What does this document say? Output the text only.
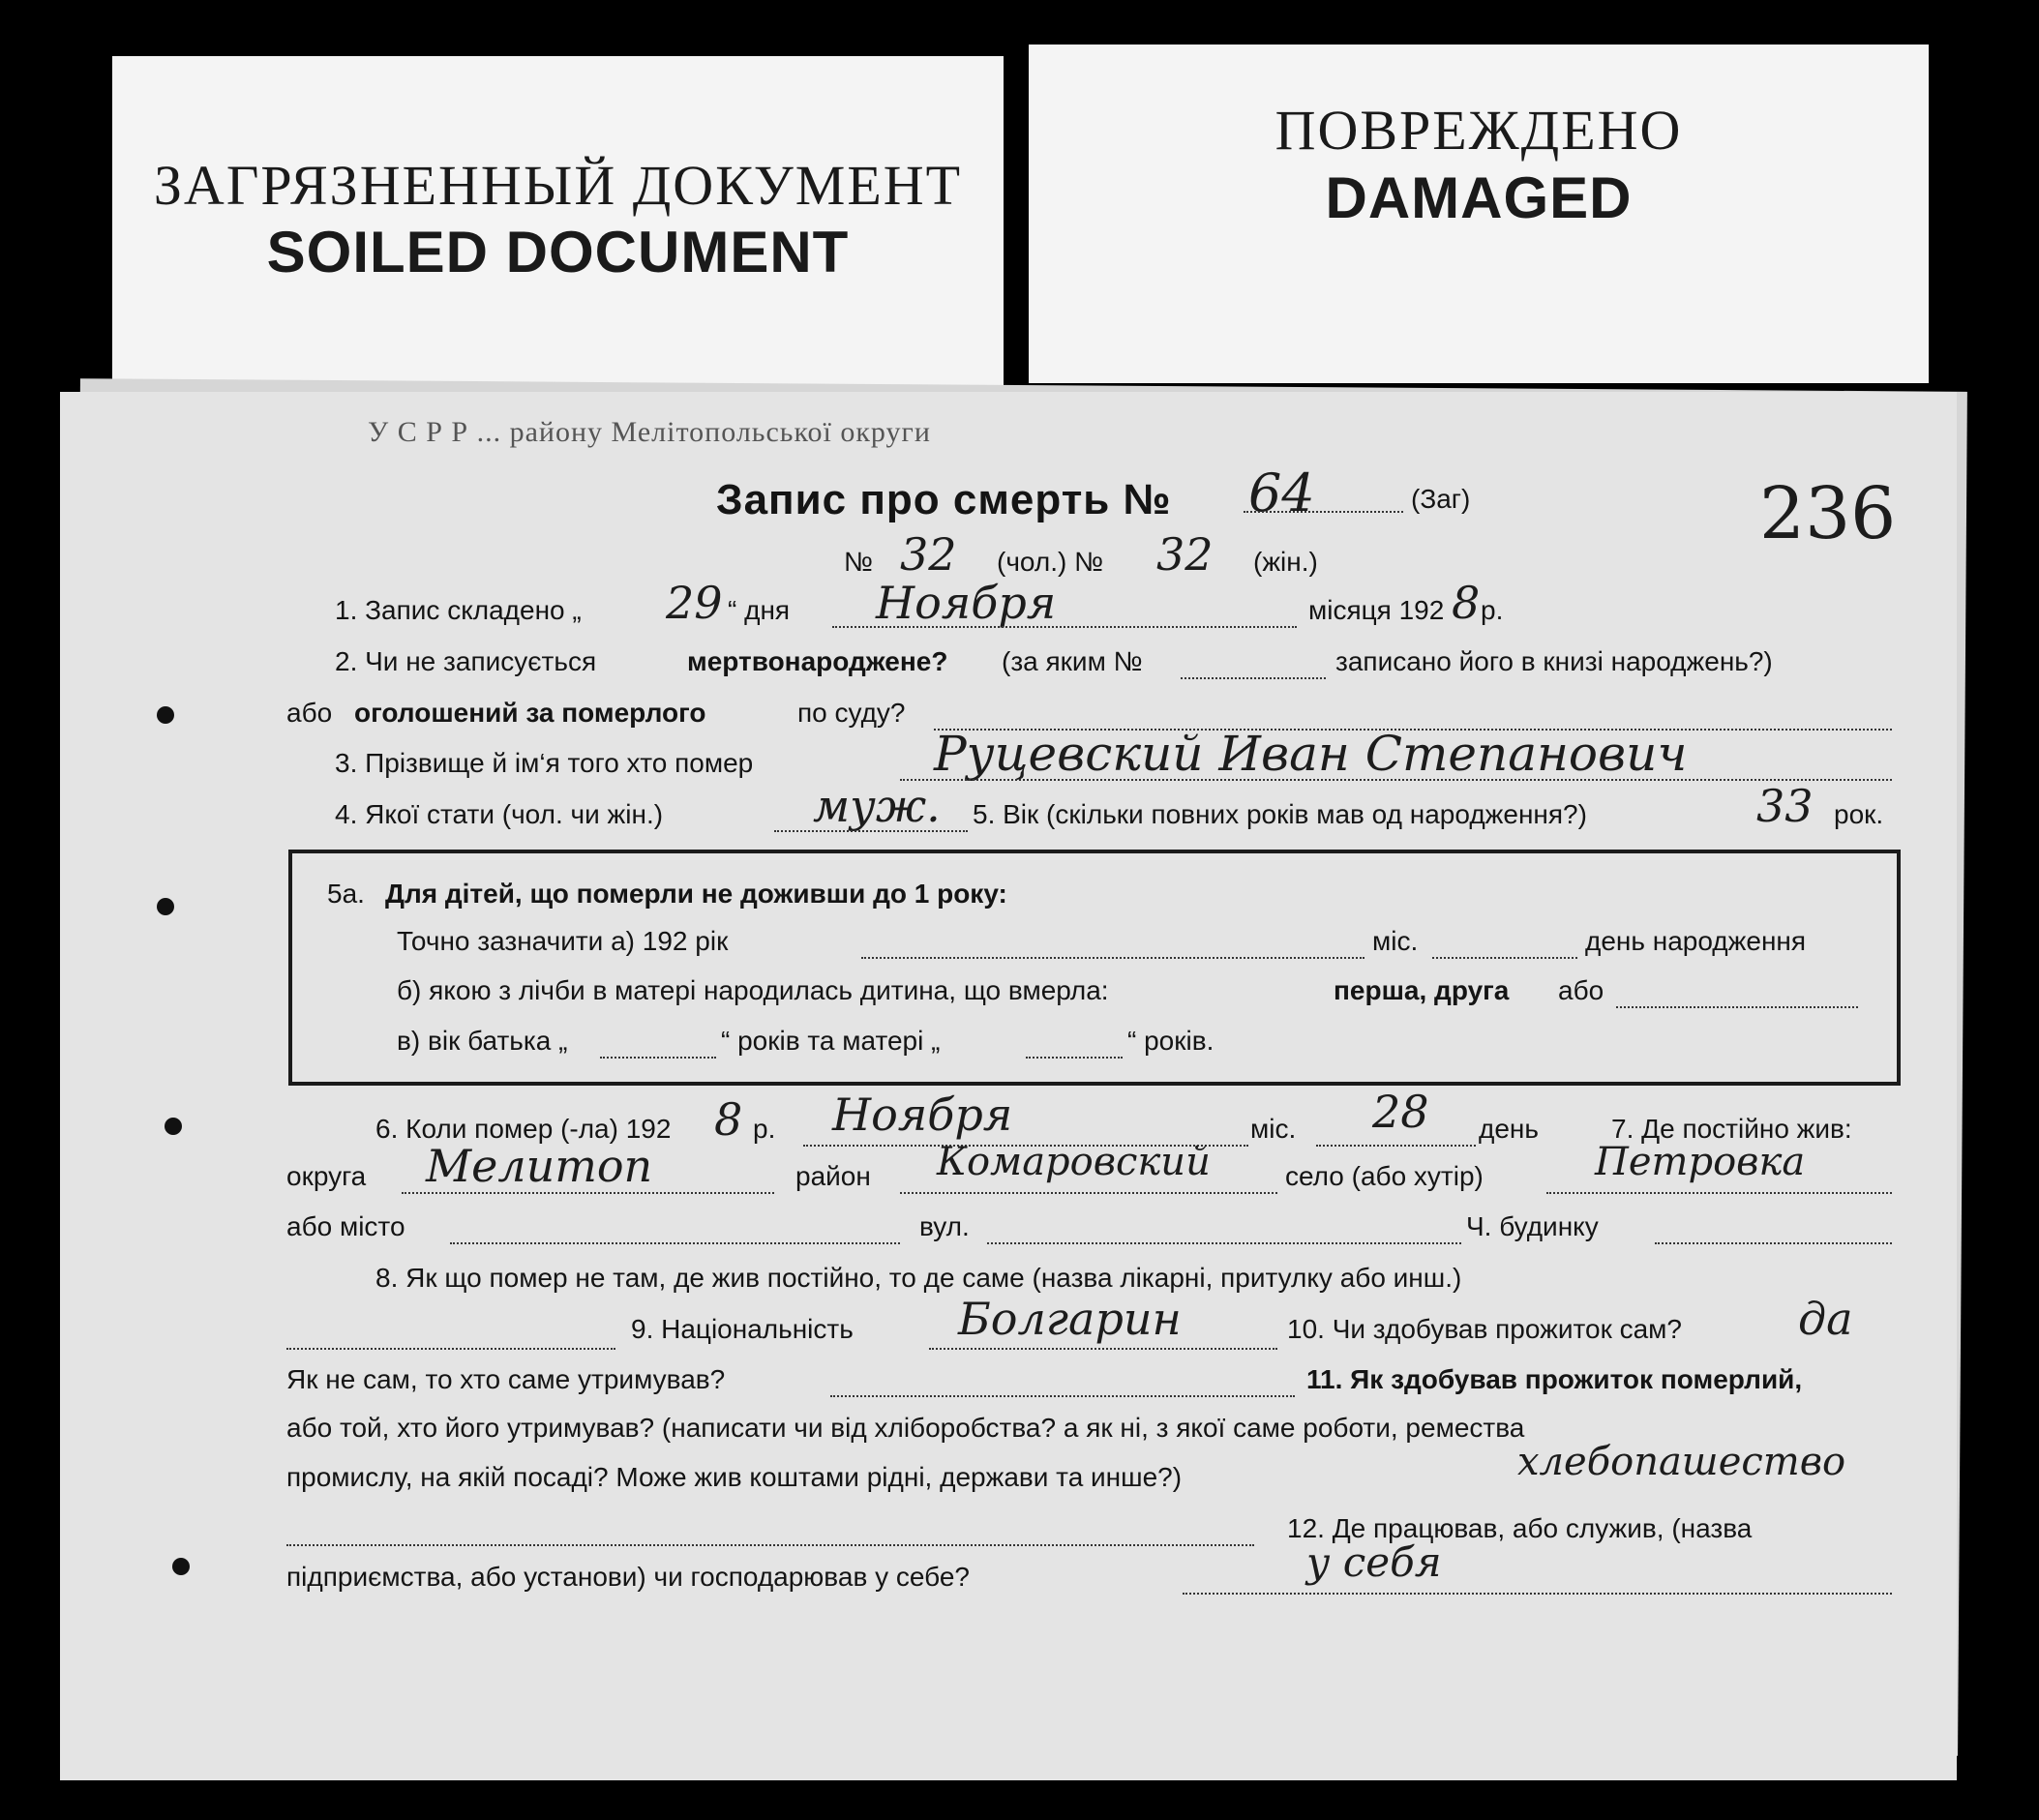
ЗАГРЯЗНЕННЫЙ ДОКУМЕНТ
SOILED DOCUMENT
ПОВРЕЖДЕНО
DAMAGED
У С Р Р ... району Мелітопольської округи
Запис про смерть № 64	(Заг)	236
№ 32 (чол.) № 32 (жін.)
1. Запис складено „ 29 “ дня Ноября	місяця 192 8 р.
2. Чи не записується	мертвонароджене? (за яким №	записано його в книзі народжень?)
або оголошений за померлого	по суду?
3. Прізвище й ім‘я того хто помер	Руцевский Иван Степанович
4. Якої стати (чол. чи жін.)	муж. 5. Вік (скільки повних років мав од народження?)	33 рок.
5а. Для дітей, що померли не доживши до 1 року:
Точно зазначити а) 192 рік	міс.	день народження
б) якою з лічби в матері народилась дитина, що вмерла:	перша, друга або
в) вік батька „	“ років та матері „	“ років.
6. Коли помер (-ла) 192 8 р. Ноября	міс. 28 день	7. Де постійно жив:
округа Мелитоп	район Комаровский	село (або хутір)	Петровка
або місто	вул.	Ч. будинку
8. Як що помер не там, де жив постійно, то де саме (назва лікарні, притулку або инш.)
9. Національність Болгарин	10. Чи здобував прожиток сам?	да
Як не сам, то хто саме утримував?	11. Як здобував прожиток померлий,
або той, хто його утримував? (написати чи від хліборобства? а як ні, з якої саме роботи, ремества
промислу, на якій посаді? Може жив коштами рідні, держави та инше?)	хлебопашество
12. Де працював, або служив, (назва
підприємства, або установи) чи господарював у себе?	у себя
